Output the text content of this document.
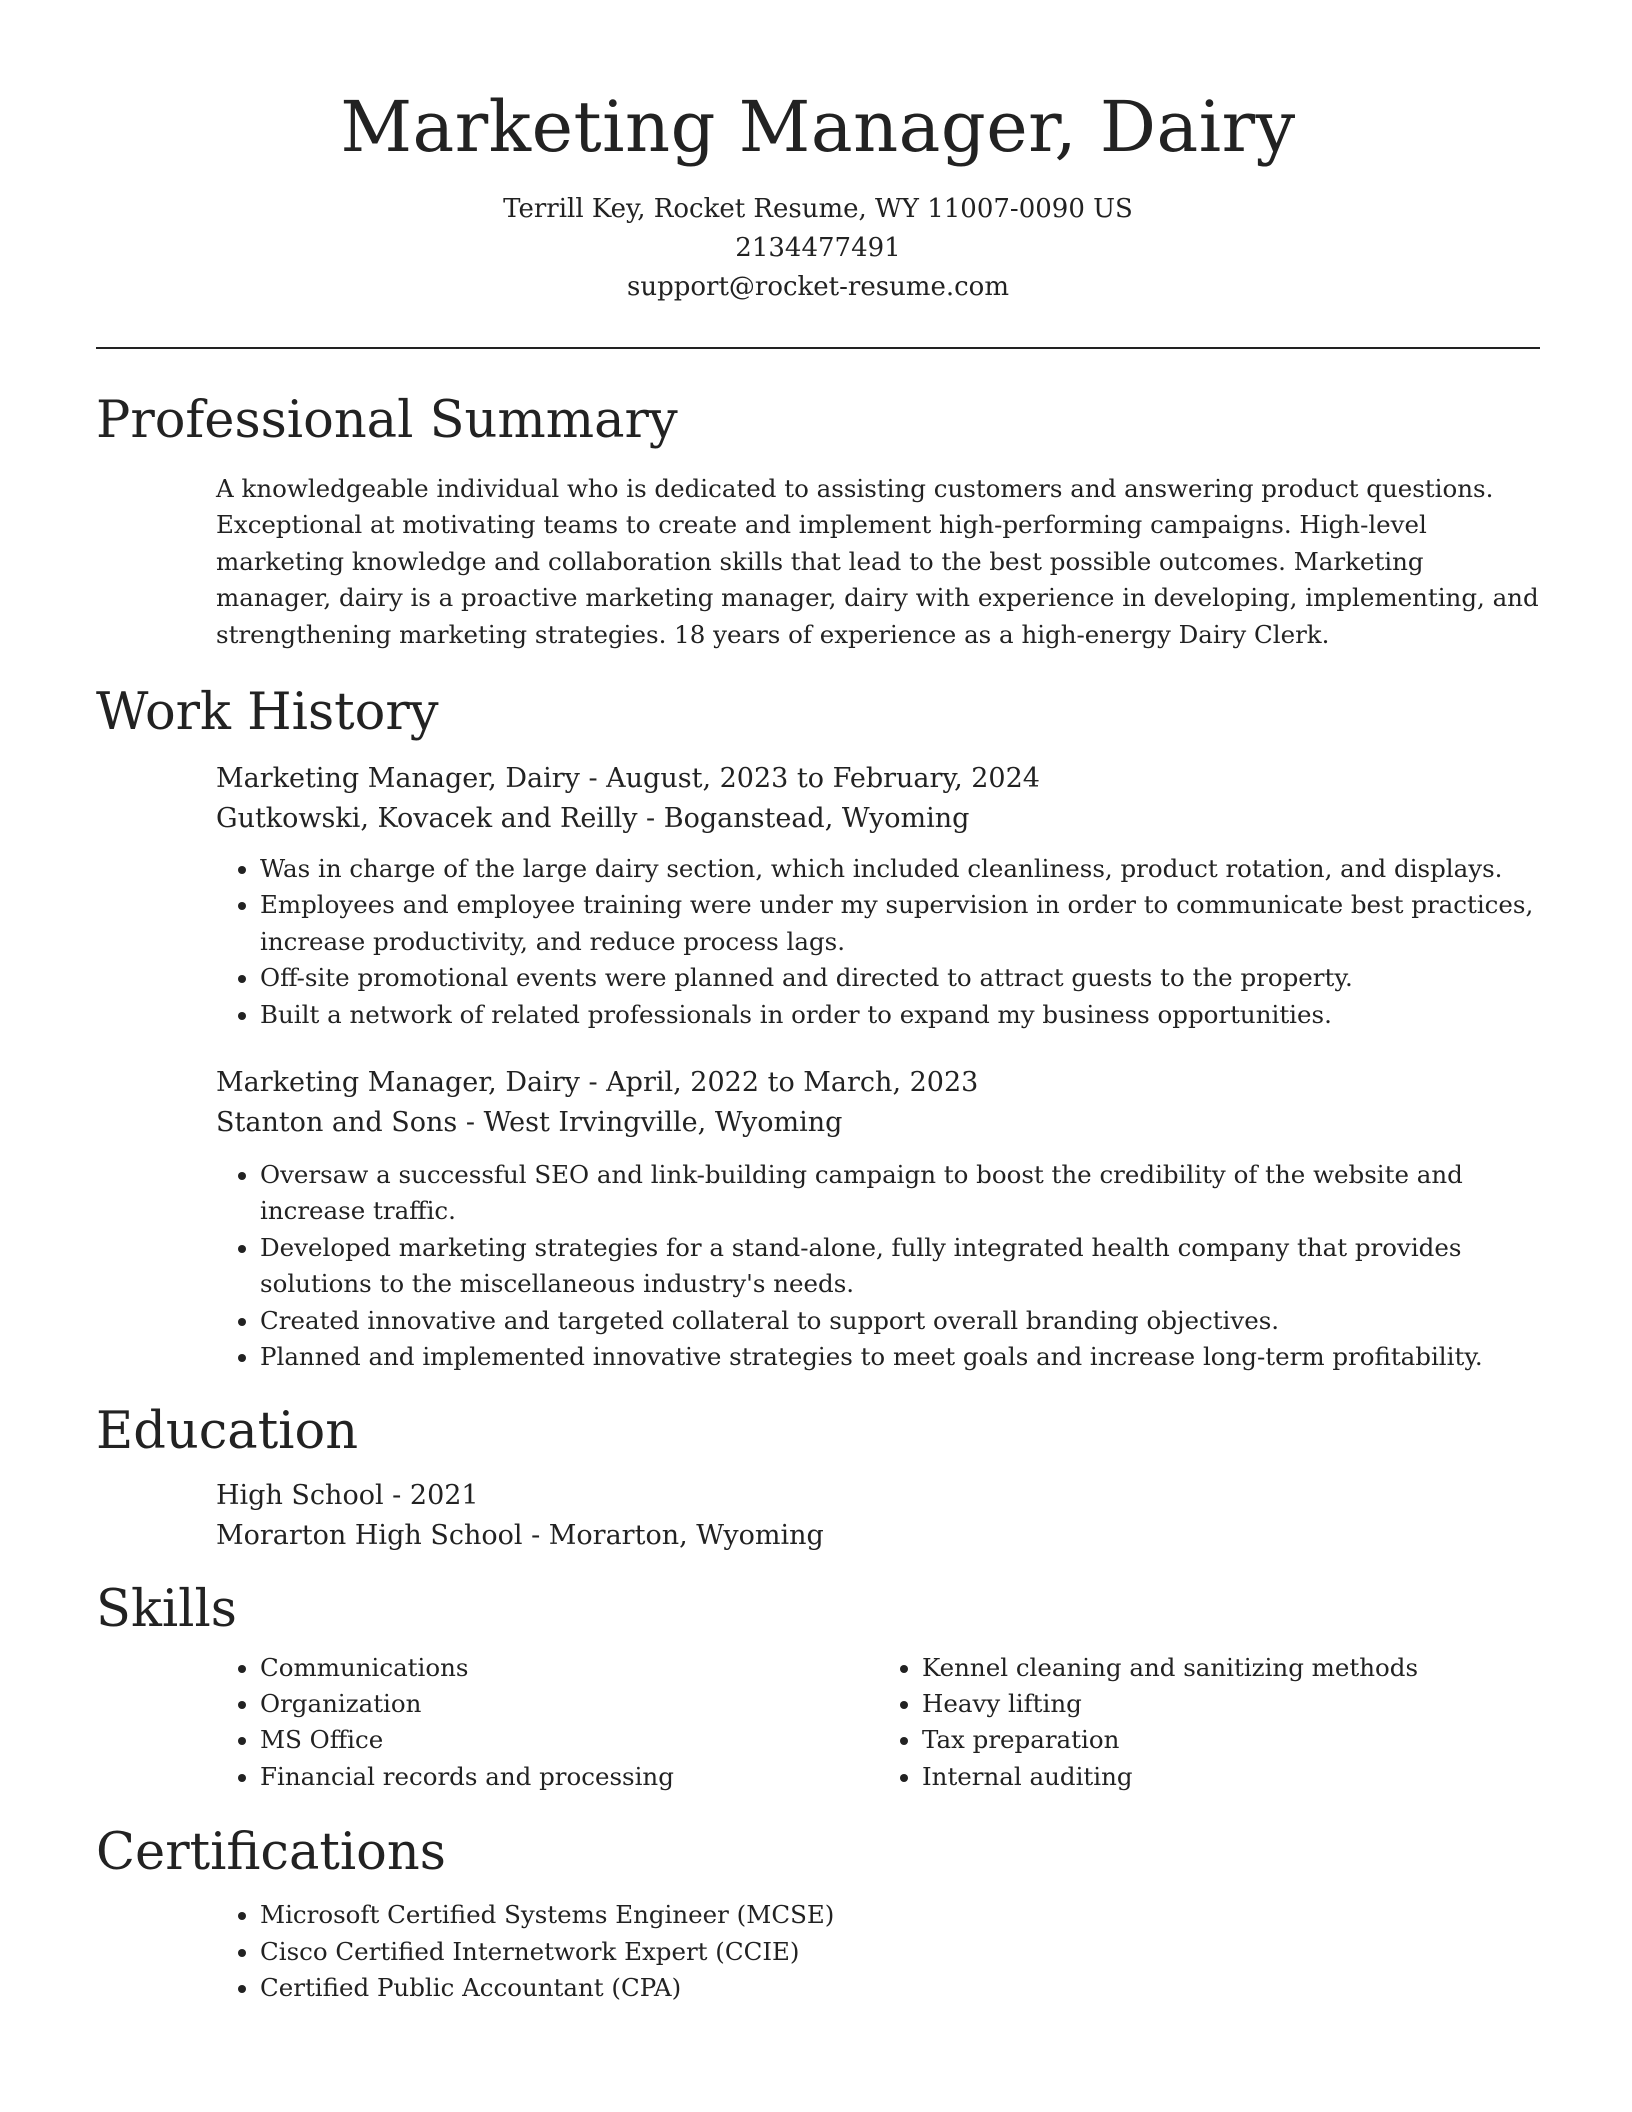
Marketing Manager, Dairy
Terrill Key, Rocket Resume, WY 11007-0090 US
2134477491
support@rocket-resume.com
Professional Summary

A knowledgeable individual who is dedicated to assisting customers and answering product questions. Exceptional at motivating teams to create and implement high-performing campaigns. High-level marketing knowledge and collaboration skills that lead to the best possible outcomes. Marketing manager, dairy is a proactive marketing manager, dairy with experience in developing, implementing, and strengthening marketing strategies. 18 years of experience as a high-energy Dairy Clerk.

Work History
Marketing Manager, Dairy - August, 2023 to February, 2024
Gutkowski, Kovacek and Reilly - Boganstead, Wyoming
• Was in charge of the large dairy section, which included cleanliness, product rotation, and displays.
• Employees and employee training were under my supervision in order to communicate best practices, increase productivity, and reduce process lags.
• Off-site promotional events were planned and directed to attract guests to the property.
• Built a network of related professionals in order to expand my business opportunities.
Marketing Manager, Dairy - April, 2022 to March, 2023
Stanton and Sons - West Irvingville, Wyoming
• Oversaw a successful SEO and link-building campaign to boost the credibility of the website and increase traffic.
• Developed marketing strategies for a stand-alone, fully integrated health company that provides solutions to the miscellaneous industry's needs.
• Created innovative and targeted collateral to support overall branding objectives.
• Planned and implemented innovative strategies to meet goals and increase long-term profitability.
Education
High School - 2021
Morarton High School - Morarton, Wyoming
Skills
• Communications
• Organization
• MS Office
• Financial records and processing
• Kennel cleaning and sanitizing methods
• Heavy lifting
• Tax preparation
• Internal auditing
Certifications
• Microsoft Certified Systems Engineer (MCSE)
• Cisco Certified Internetwork Expert (CCIE)
• Certified Public Accountant (CPA)
